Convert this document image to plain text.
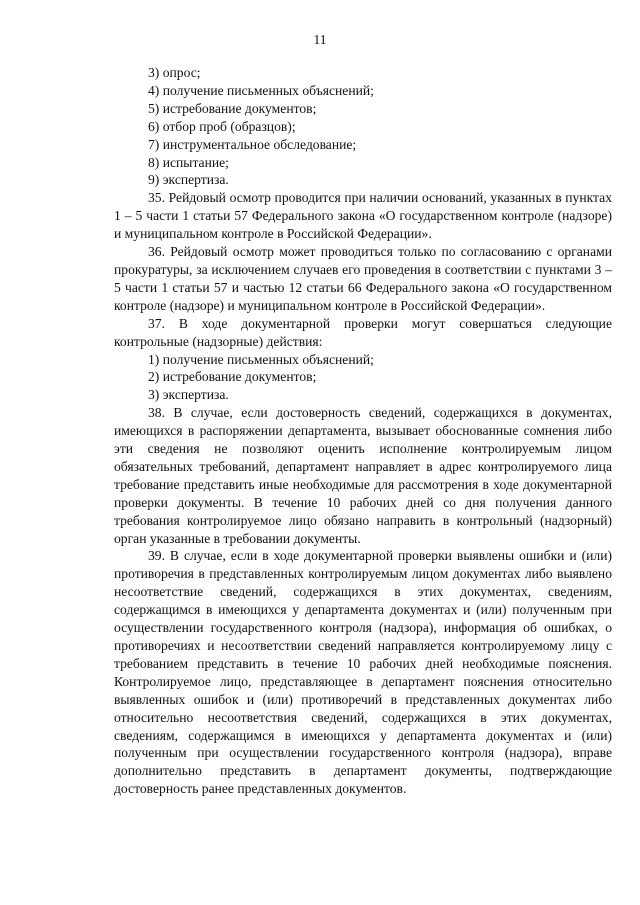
11

3) опрос;

4) получение письменных объяснений;

5) истребование документов;

6) отбор проб (образцов);

7) инструментальное обследование;

8) испытание;

9) экспертиза.

35. Рейдовый осмотр проводится при наличии оснований, указанных в пунктах 1 – 5 части 1 статьи 57 Федерального закона «О государственном контроле (надзоре) и муниципальном контроле в Российской Федерации».

36. Рейдовый осмотр может проводиться только по согласованию с органами прокуратуры, за исключением случаев его проведения в соответствии с пунктами 3 – 5 части 1 статьи 57 и частью 12 статьи 66 Федерального закона «О государственном контроле (надзоре) и муниципальном контроле в Российской Федерации».

37. В ходе документарной проверки могут совершаться следующие контрольные (надзорные) действия:

1) получение письменных объяснений;

2) истребование документов;

3) экспертиза.

38. В случае, если достоверность сведений, содержащихся в документах, имеющихся в распоряжении департамента, вызывает обоснованные сомнения либо эти сведения не позволяют оценить исполнение контролируемым лицом обязательных требований, департамент направляет в адрес контролируемого лица требование представить иные необходимые для рассмотрения в ходе документарной проверки документы. В течение 10 рабочих дней со дня получения данного требования контролируемое лицо обязано направить в контрольный (надзорный) орган указанные в требовании документы.

39. В случае, если в ходе документарной проверки выявлены ошибки и (или) противоречия в представленных контролируемым лицом документах либо выявлено несоответствие сведений, содержащихся в этих документах, сведениям, содержащимся в имеющихся у департамента документах и (или) полученным при осуществлении государственного контроля (надзора), информация об ошибках, о противоречиях и несоответствии сведений направляется контролируемому лицу с требованием представить в течение 10 рабочих дней необходимые пояснения. Контролируемое лицо, представляющее в департамент пояснения относительно выявленных ошибок и (или) противоречий в представленных документах либо относительно несоответствия сведений, содержащихся в этих документах, сведениям, содержащимся в имеющихся у департамента документах и (или) полученным при осуществлении государственного контроля (надзора), вправе дополнительно представить в департамент документы, подтверждающие достоверность ранее представленных документов.
